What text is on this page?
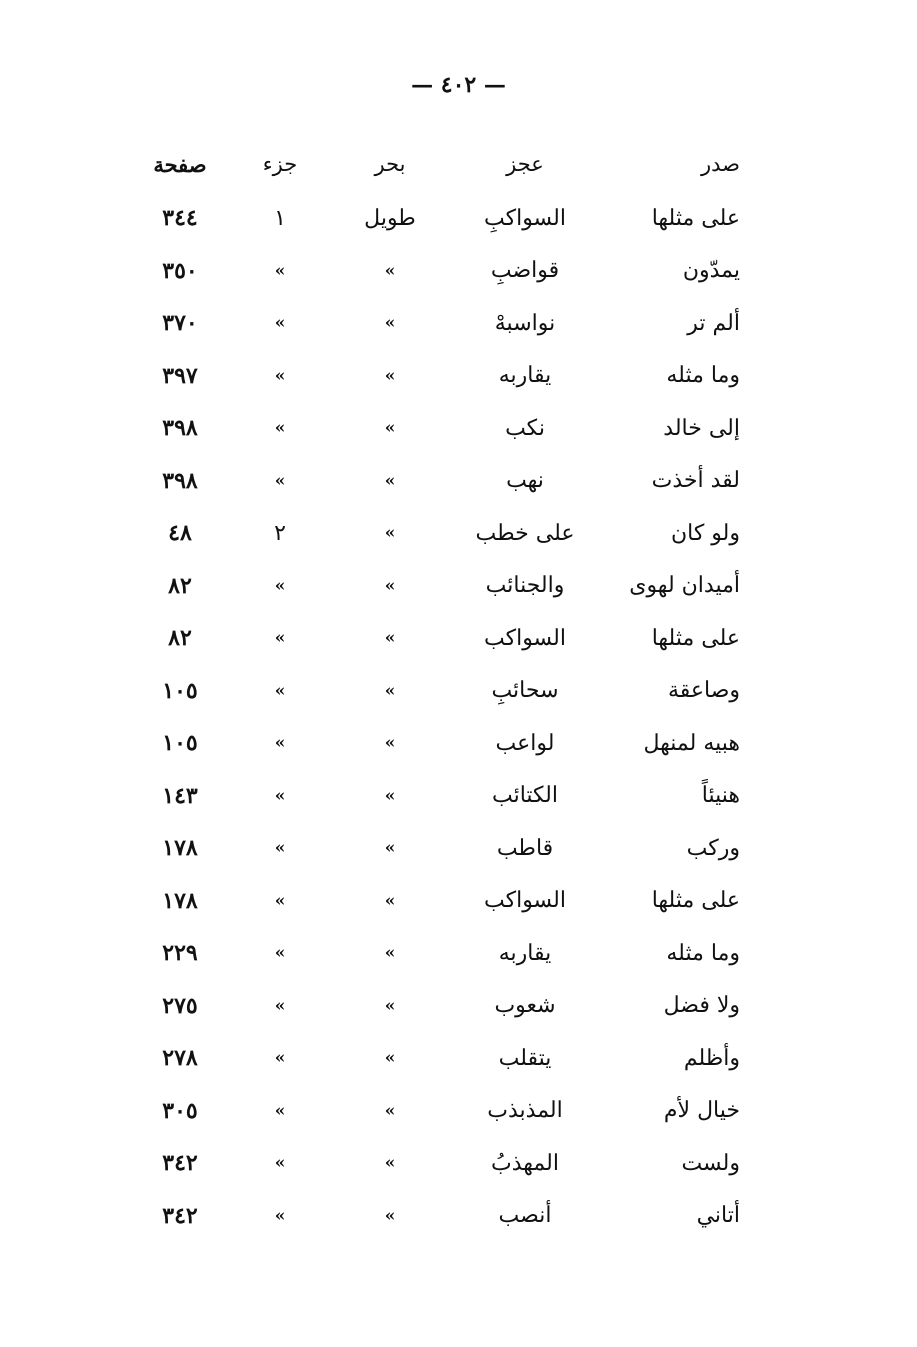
— ٤٠٢ —
صدر
عجز
بحر
جزء
صفحة
على مثلها
السواكبِ
طويل
١
٣٤٤
يمدّون
قواضبِ
»
»
٣٥٠
ألم تر
نواسبهْ
»
»
٣٧٠
وما مثله
يقاربه
»
»
٣٩٧
إلى خالد
نكب
»
»
٣٩٨
لقد أخذت
نهب
»
»
٣٩٨
ولو كان
على خطب
»
٢
٤٨
أميدان لهوى
والجنائب
»
»
٨٢
على مثلها
السواكب
»
»
٨٢
وصاعقة
سحائبِ
»
»
١٠٥
هبيه لمنهل
لواعب
»
»
١٠٥
هنيئاً
الكتائب
»
»
١٤٣
وركب
قاطب
»
»
١٧٨
على مثلها
السواكب
»
»
١٧٨
وما مثله
يقاربه
»
»
٢٢٩
ولا فضل
شعوب
»
»
٢٧٥
وأظلم
يتقلب
»
»
٢٧٨
خيال لأم
المذبذب
»
»
٣٠٥
ولست
المهذبُ
»
»
٣٤٢
أتاني
أنصب
»
»
٣٤٢
